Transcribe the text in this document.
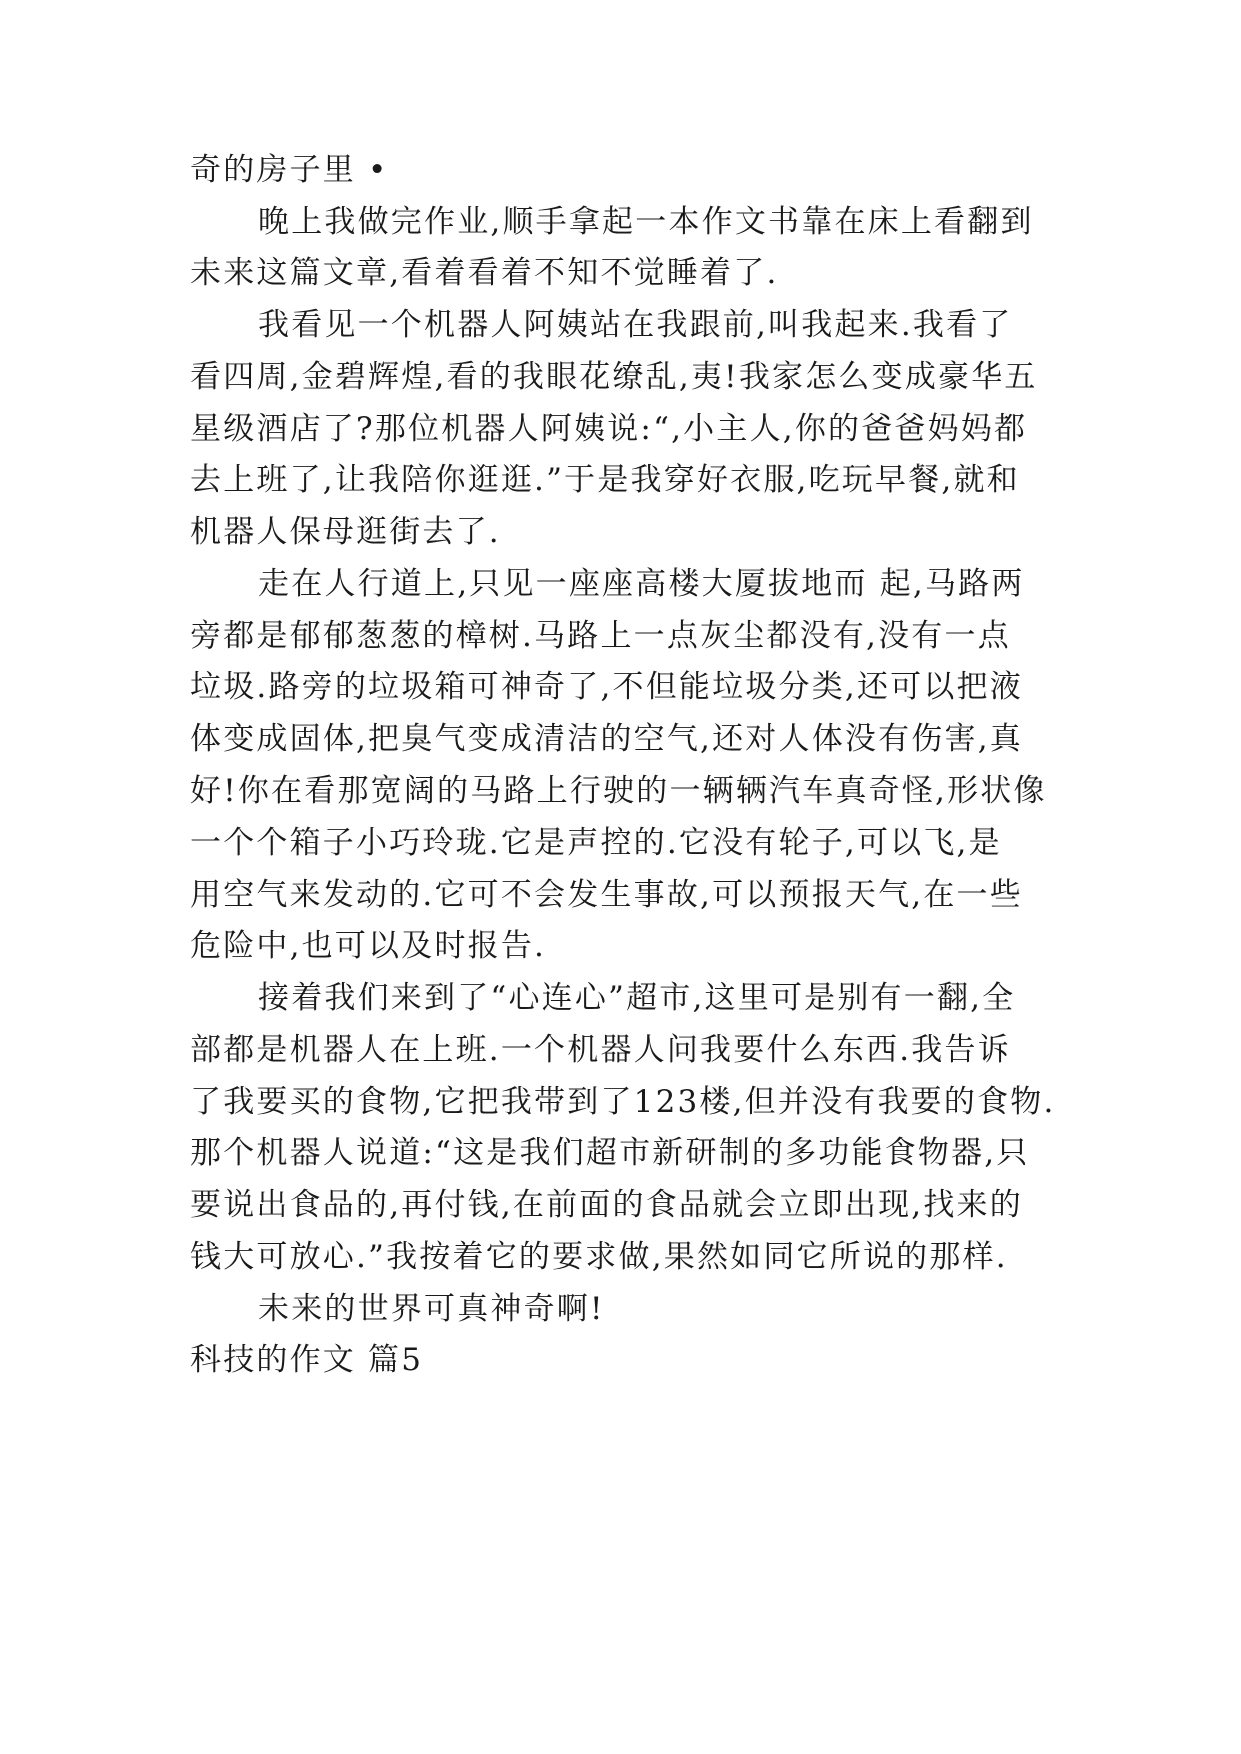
奇的房子里 •
晚上我做完作业,顺手拿起一本作文书靠在床上看翻到
未来这篇文章,看着看着不知不觉睡着了.
我看见一个机器人阿姨站在我跟前,叫我起来.我看了
看四周,金碧辉煌,看的我眼花缭乱,夷!我家怎么变成豪华五
星级酒店了?那位机器人阿姨说:“,小主人,你的爸爸妈妈都
去上班了,让我陪你逛逛.”于是我穿好衣服,吃玩早餐,就和
机器人保母逛街去了.
走在人行道上,只见一座座高楼大厦拔地而 起,马路两
旁都是郁郁葱葱的樟树.马路上一点灰尘都没有,没有一点
垃圾.路旁的垃圾箱可神奇了,不但能垃圾分类,还可以把液
体变成固体,把臭气变成清洁的空气,还对人体没有伤害,真
好!你在看那宽阔的马路上行驶的一辆辆汽车真奇怪,形状像
一个个箱子小巧玲珑.它是声控的.它没有轮子,可以飞,是
用空气来发动的.它可不会发生事故,可以预报天气,在一些
危险中,也可以及时报告.
接着我们来到了“心连心”超市,这里可是别有一翻,全
部都是机器人在上班.一个机器人问我要什么东西.我告诉
了我要买的食物,它把我带到了123楼,但并没有我要的食物.
那个机器人说道:“这是我们超市新研制的多功能食物器,只
要说出食品的,再付钱,在前面的食品就会立即出现,找来的
钱大可放心.”我按着它的要求做,果然如同它所说的那样.
未来的世界可真神奇啊!
科技的作文 篇5
